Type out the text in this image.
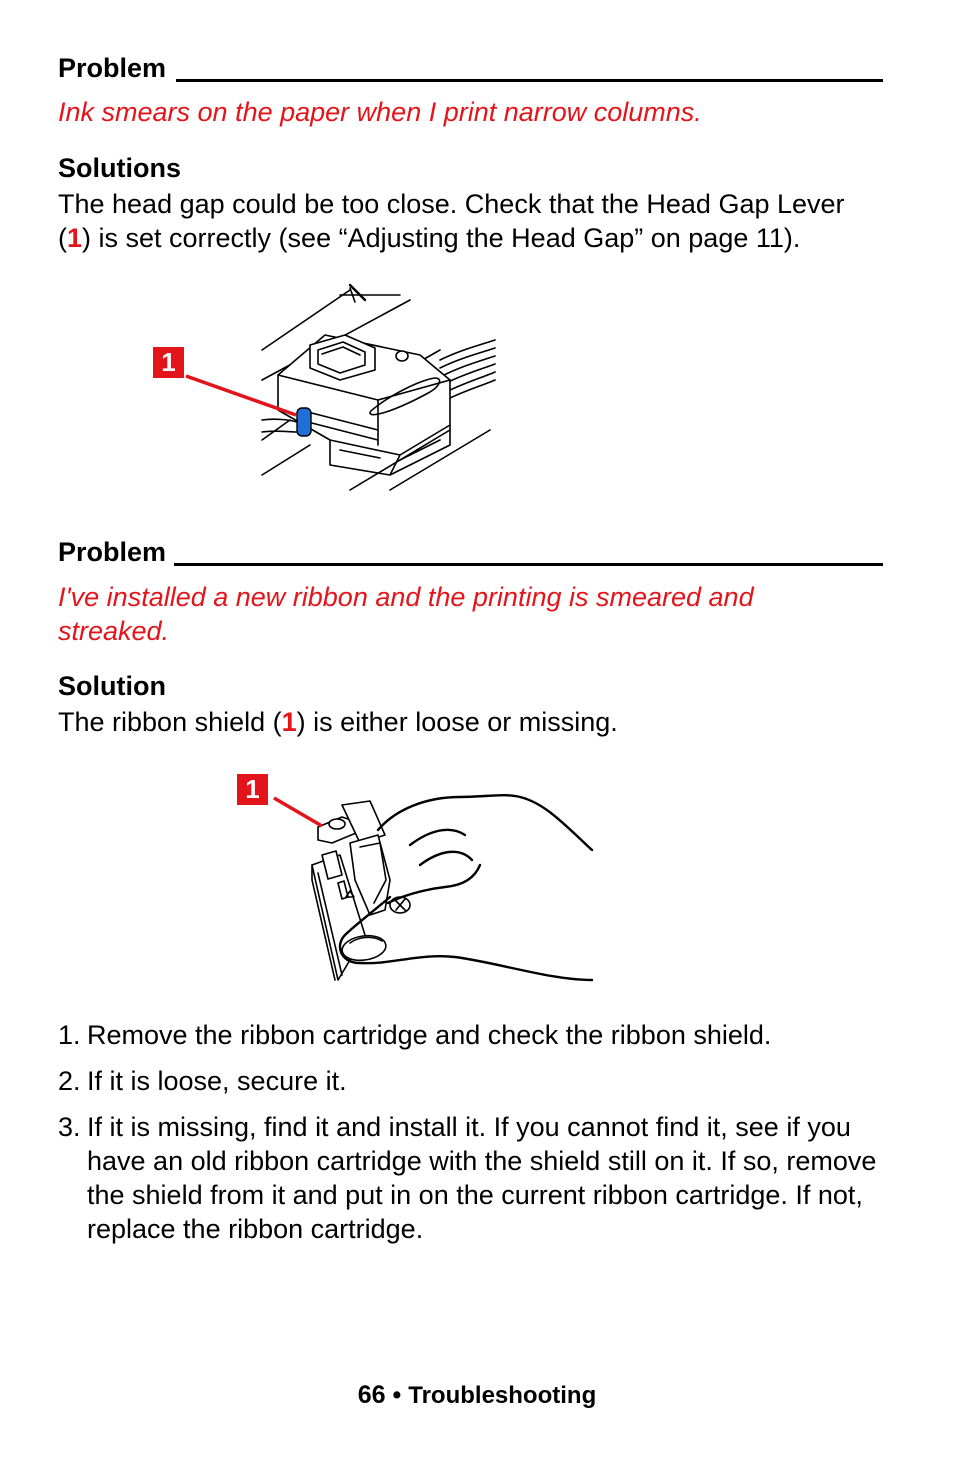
Problem
Ink smears on the paper when I print narrow columns.
Solutions
The head gap could be too close. Check that the Head Gap Lever
(1) is set correctly (see “Adjusting the Head Gap” on page 11).
1
Problem
I've installed a new ribbon and the printing is smeared and
streaked.
Solution
The ribbon shield (1) is either loose or missing.
1
1. Remove the ribbon cartridge and check the ribbon shield.
2. If it is loose, secure it.
3. If it is missing, find it and install it. If you cannot find it, see if you have an old ribbon cartridge with the shield still on it. If so, remove the shield from it and put in on the current ribbon cartridge. If not, replace the ribbon cartridge.
66 • Troubleshooting
